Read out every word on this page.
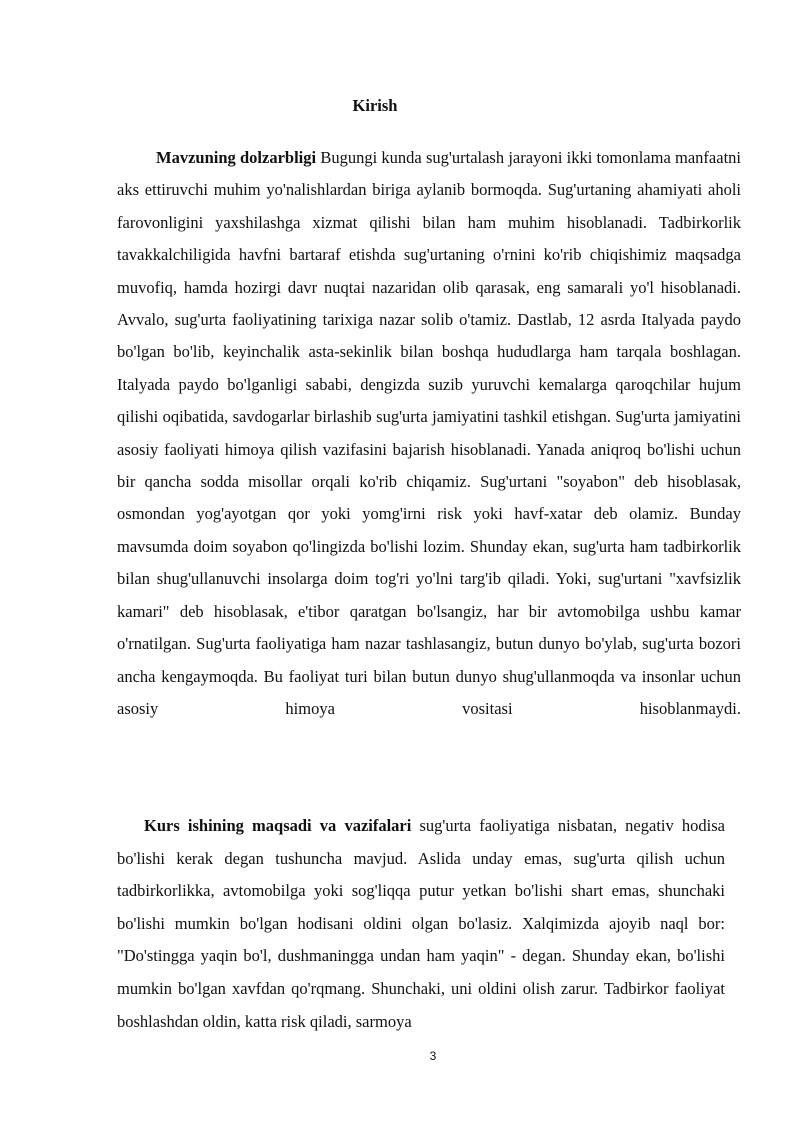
Kirish

Mavzuning dolzarbligi Bugungi kunda sug'urtalash jarayoni ikki tomonlama manfaatni aks ettiruvchi muhim yo'nalishlardan biriga aylanib bormoqda. Sug'urtaning ahamiyati aholi farovonligini yaxshilashga xizmat qilishi bilan ham muhim hisoblanadi. Tadbirkorlik tavakkalchiligida havfni bartaraf etishda sug'urtaning o'rnini ko'rib chiqishimiz maqsadga muvofiq, hamda hozirgi davr nuqtai nazaridan olib qarasak, eng samarali yo'l hisoblanadi. Avvalo, sug'urta faoliyatining tarixiga nazar solib o'tamiz. Dastlab, 12 asrda Italyada paydo bo'lgan bo'lib, keyinchalik asta-sekinlik bilan boshqa hududlarga ham tarqala boshlagan. Italyada paydo bo'lganligi sababi, dengizda suzib yuruvchi kemalarga qaroqchilar hujum qilishi oqibatida, savdogarlar birlashib sug'urta jamiyatini tashkil etishgan. Sug'urta jamiyatini asosiy faoliyati himoya qilish vazifasini bajarish hisoblanadi. Yanada aniqroq bo'lishi uchun bir qancha sodda misollar orqali ko'rib chiqamiz. Sug'urtani "soyabon" deb hisoblasak, osmondan yog'ayotgan qor yoki yomg'irni risk yoki havf-xatar deb olamiz. Bunday mavsumda doim soyabon qo'lingizda bo'lishi lozim. Shunday ekan, sug'urta ham tadbirkorlik bilan shug'ullanuvchi insolarga doim tog'ri yo'lni targ'ib qiladi. Yoki, sug'urtani "xavfsizlik kamari" deb hisoblasak, e'tibor qaratgan bo'lsangiz, har bir avtomobilga ushbu kamar o'rnatilgan. Sug'urta faoliyatiga ham nazar tashlasangiz, butun dunyo bo'ylab, sug'urta bozori ancha kengaymoqda. Bu faoliyat turi bilan butun dunyo shug'ullanmoqda va insonlar uchun asosiy himoya vositasi hisoblanmaydi.

Kurs ishining maqsadi va vazifalari sug'urta faoliyatiga nisbatan, negativ hodisa bo'lishi kerak degan tushuncha mavjud. Aslida unday emas, sug'urta qilish uchun tadbirkorlikka, avtomobilga yoki sog'liqqa putur yetkan bo'lishi shart emas, shunchaki bo'lishi mumkin bo'lgan hodisani oldini olgan bo'lasiz. Xalqimizda ajoyib naql bor: "Do'stingga yaqin bo'l, dushmaningga undan ham yaqin" - degan. Shunday ekan, bo'lishi mumkin bo'lgan xavfdan qo'rqmang. Shunchaki, uni oldini olish zarur. Tadbirkor faoliyat boshlashdan oldin, katta risk qiladi, sarmoya

3
